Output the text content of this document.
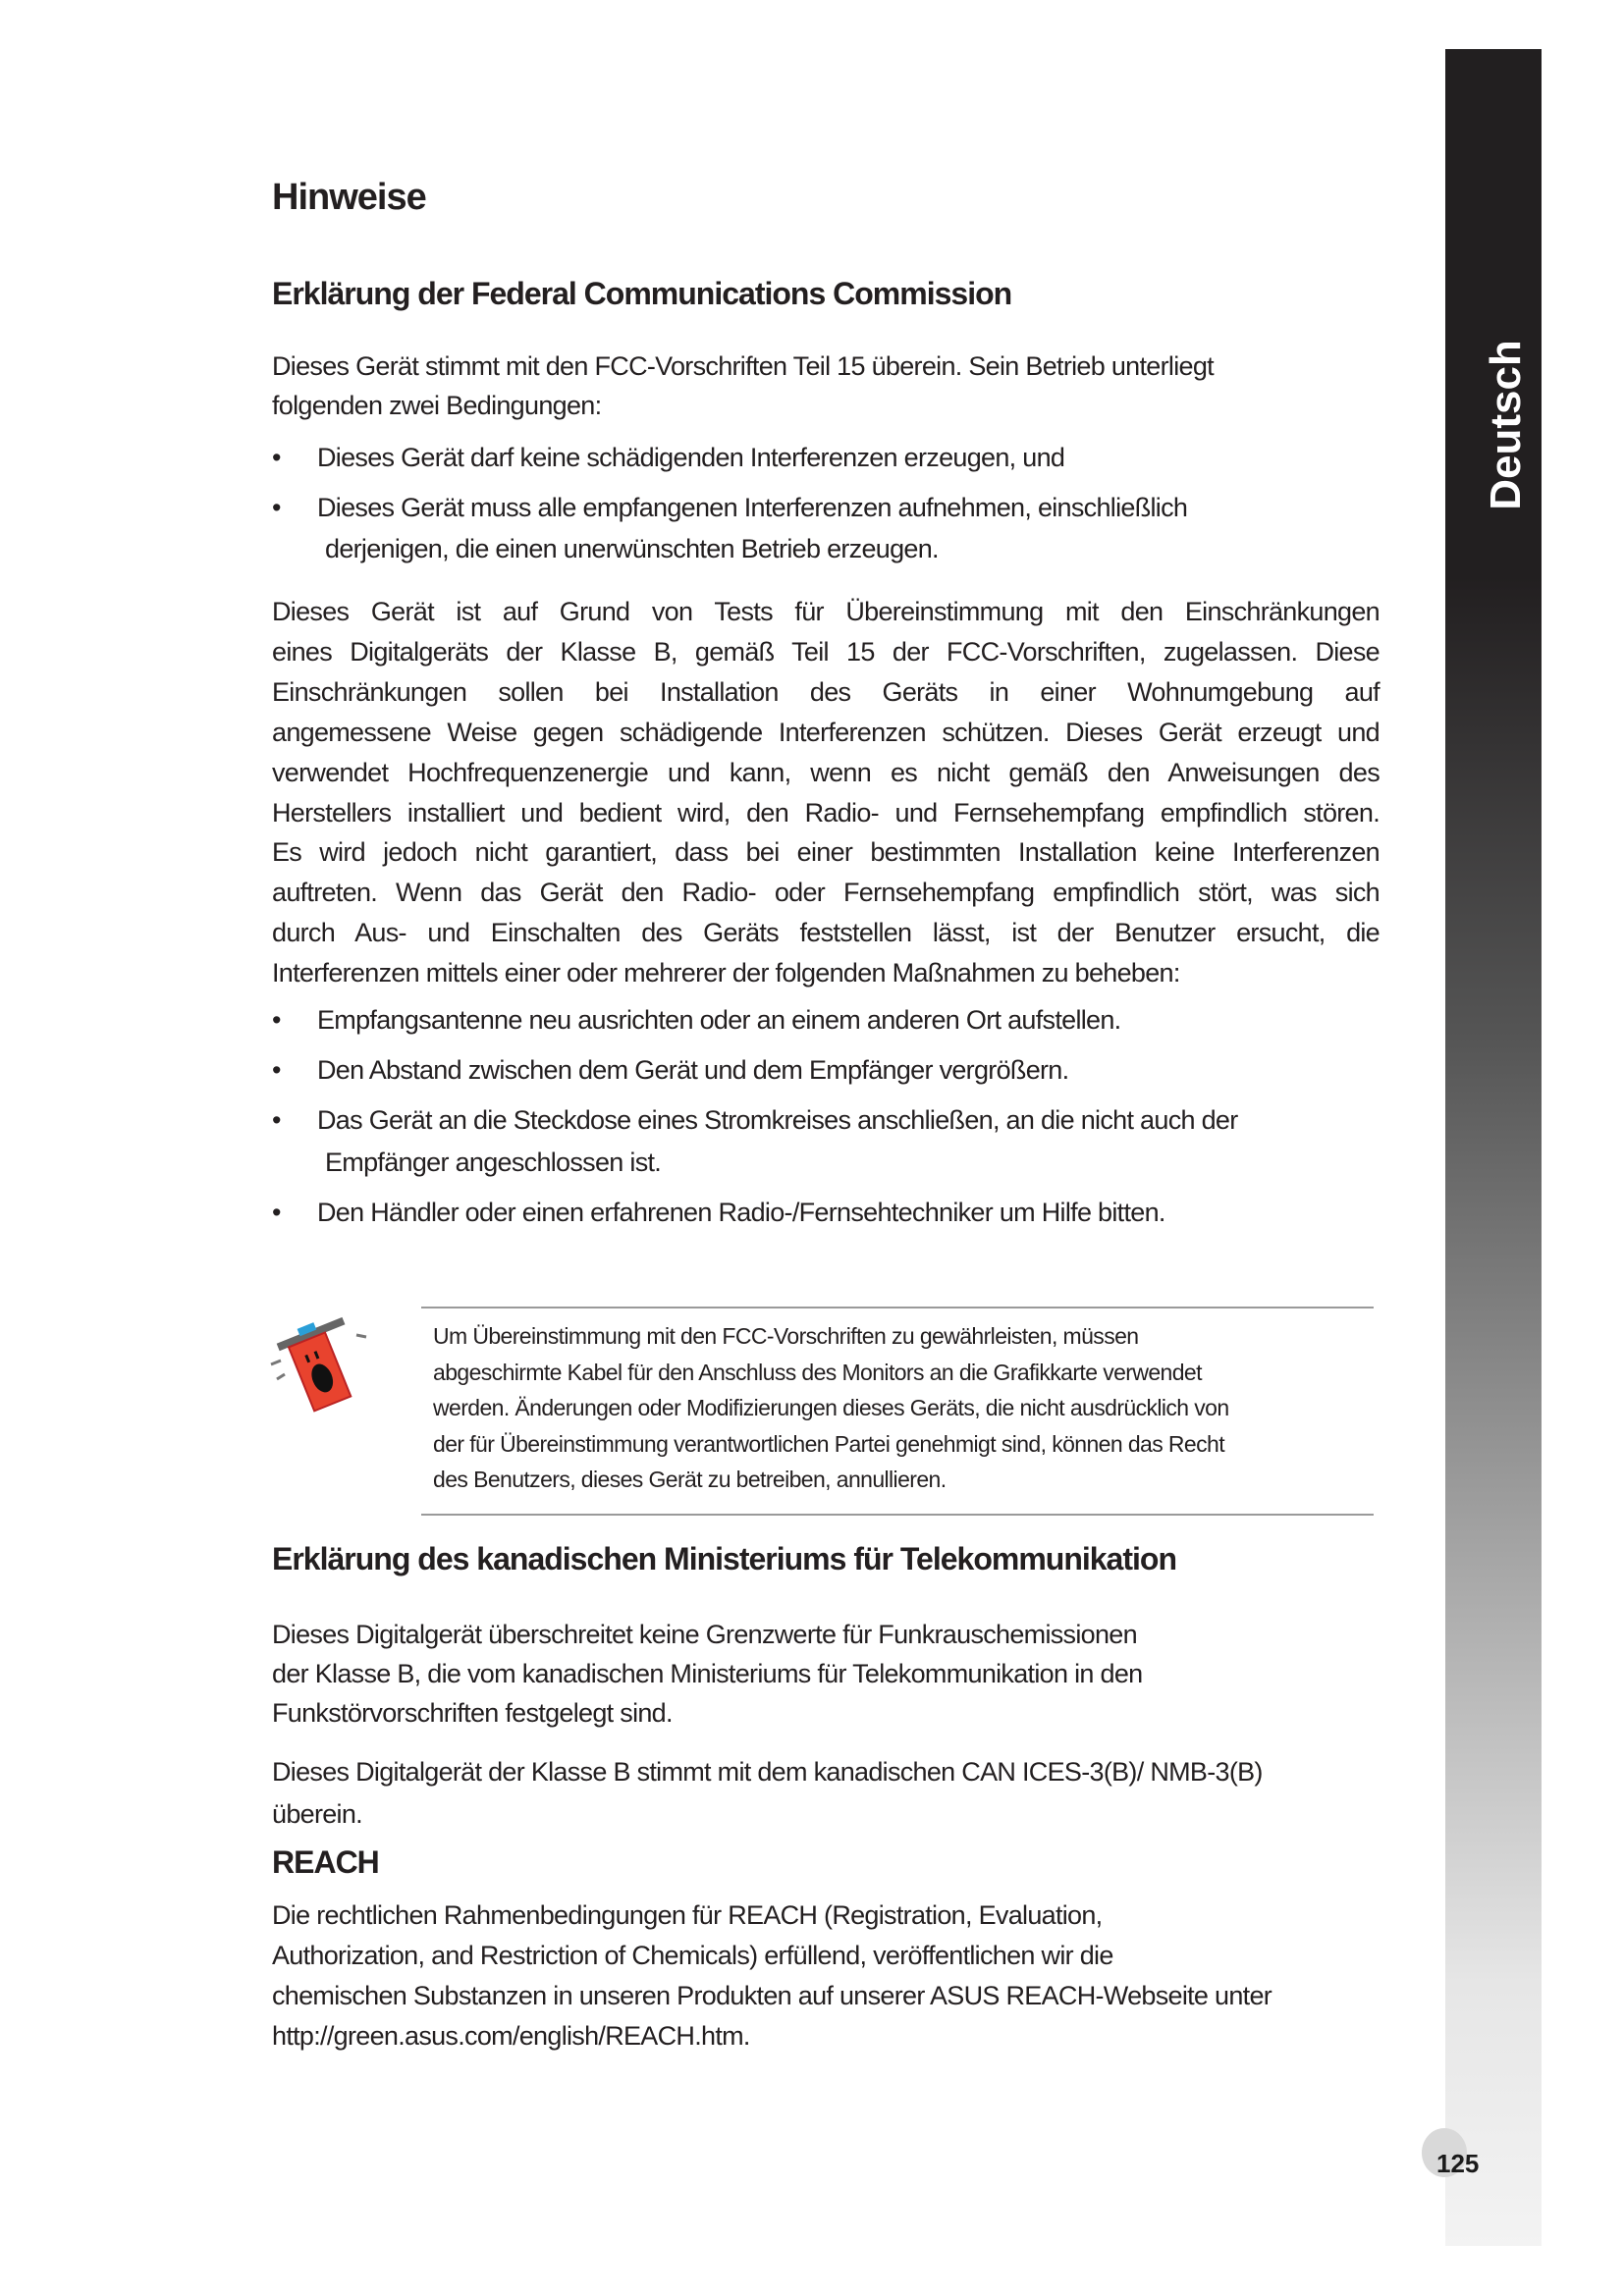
Deutsch
125
Hinweise
Erklärung der Federal Communications Commission
Dieses Gerät stimmt mit den FCC-Vorschriften Teil 15 überein. Sein Betrieb unterliegt
folgenden zwei Bedingungen:
• Dieses Gerät darf keine schädigenden Interferenzen erzeugen, und
• Dieses Gerät muss alle empfangenen Interferenzen aufnehmen, einschließlich
derjenigen, die einen unerwünschten Betrieb erzeugen.
Dieses Gerät ist auf Grund von Tests für Übereinstimmung mit den Einschränkungen
eines Digitalgeräts der Klasse B, gemäß Teil 15 der FCC-Vorschriften, zugelassen. Diese
Einschränkungen sollen bei Installation des Geräts in einer Wohnumgebung auf
angemessene Weise gegen schädigende Interferenzen schützen. Dieses Gerät erzeugt und
verwendet Hochfrequenzenergie und kann, wenn es nicht gemäß den Anweisungen des
Herstellers installiert und bedient wird, den Radio- und Fernsehempfang empfindlich stören.
Es wird jedoch nicht garantiert, dass bei einer bestimmten Installation keine Interferenzen
auftreten. Wenn das Gerät den Radio- oder Fernsehempfang empfindlich stört, was sich
durch Aus- und Einschalten des Geräts feststellen lässt, ist der Benutzer ersucht, die
Interferenzen mittels einer oder mehrerer der folgenden Maßnahmen zu beheben:
• Empfangsantenne neu ausrichten oder an einem anderen Ort aufstellen.
• Den Abstand zwischen dem Gerät und dem Empfänger vergrößern.
• Das Gerät an die Steckdose eines Stromkreises anschließen, an die nicht auch der
Empfänger angeschlossen ist.
• Den Händler oder einen erfahrenen Radio-/Fernsehtechniker um Hilfe bitten.
Um Übereinstimmung mit den FCC-Vorschriften zu gewährleisten, müssen
abgeschirmte Kabel für den Anschluss des Monitors an die Grafikkarte verwendet
werden. Änderungen oder Modifizierungen dieses Geräts, die nicht ausdrücklich von
der für Übereinstimmung verantwortlichen Partei genehmigt sind, können das Recht
des Benutzers, dieses Gerät zu betreiben, annullieren.
Erklärung des kanadischen Ministeriums für Telekommunikation
Dieses Digitalgerät überschreitet keine Grenzwerte für Funkrauschemissionen
der Klasse B, die vom kanadischen Ministeriums für Telekommunikation in den
Funkstörvorschriften festgelegt sind.
Dieses Digitalgerät der Klasse B stimmt mit dem kanadischen CAN ICES-3(B)/ NMB-3(B)
überein.
REACH
Die rechtlichen Rahmenbedingungen für REACH (Registration, Evaluation,
Authorization, and Restriction of Chemicals) erfüllend, veröffentlichen wir die
chemischen Substanzen in unseren Produkten auf unserer ASUS REACH-Webseite unter
http://green.asus.com/english/REACH.htm.
